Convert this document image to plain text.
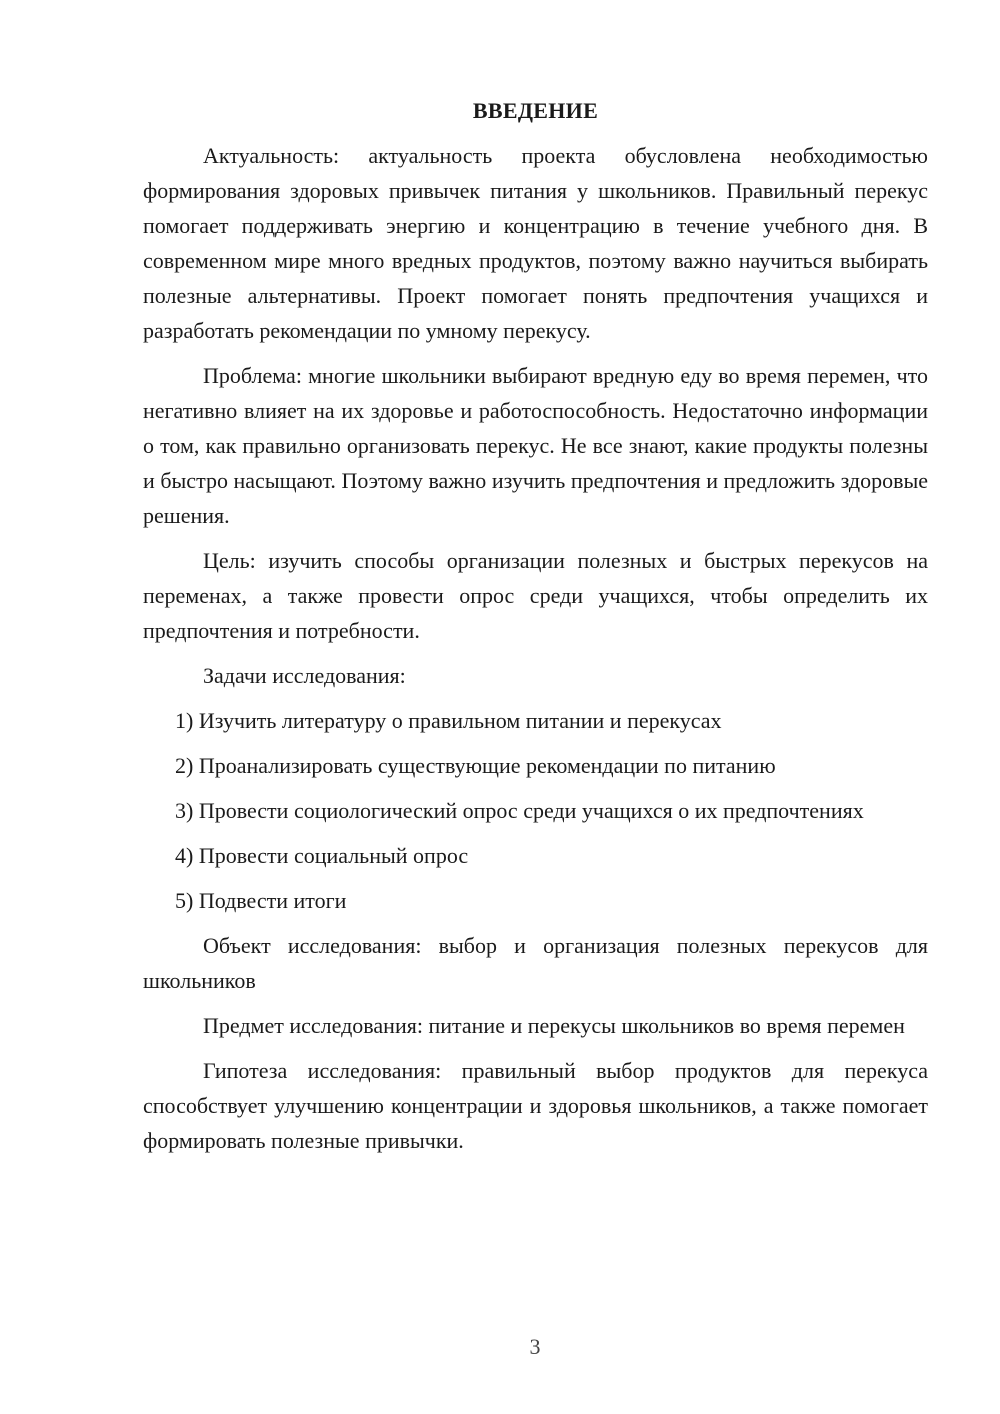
ВВЕДЕНИЕ

Актуальность: актуальность проекта обусловлена необходимостью формирования здоровых привычек питания у школьников. Правильный перекус помогает поддерживать энергию и концентрацию в течение учебного дня. В современном мире много вредных продуктов, поэтому важно научиться выбирать полезные альтернативы. Проект помогает понять предпочтения учащихся и разработать рекомендации по умному перекусу.

Проблема: многие школьники выбирают вредную еду во время перемен, что негативно влияет на их здоровье и работоспособность. Недостаточно информации о том, как правильно организовать перекус. Не все знают, какие продукты полезны и быстро насыщают. Поэтому важно изучить предпочтения и предложить здоровые решения.

Цель: изучить способы организации полезных и быстрых перекусов на переменах, а также провести опрос среди учащихся, чтобы определить их предпочтения и потребности.

Задачи исследования:

1) Изучить литературу о правильном питании и перекусах

2) Проанализировать существующие рекомендации по питанию

3) Провести социологический опрос среди учащихся о их предпочтениях

4) Провести социальный опрос

5) Подвести итоги

Объект исследования: выбор и организация полезных перекусов для школьников

Предмет исследования: питание и перекусы школьников во время перемен

Гипотеза исследования: правильный выбор продуктов для перекуса способствует улучшению концентрации и здоровья школьников, а также помогает формировать полезные привычки.

3
